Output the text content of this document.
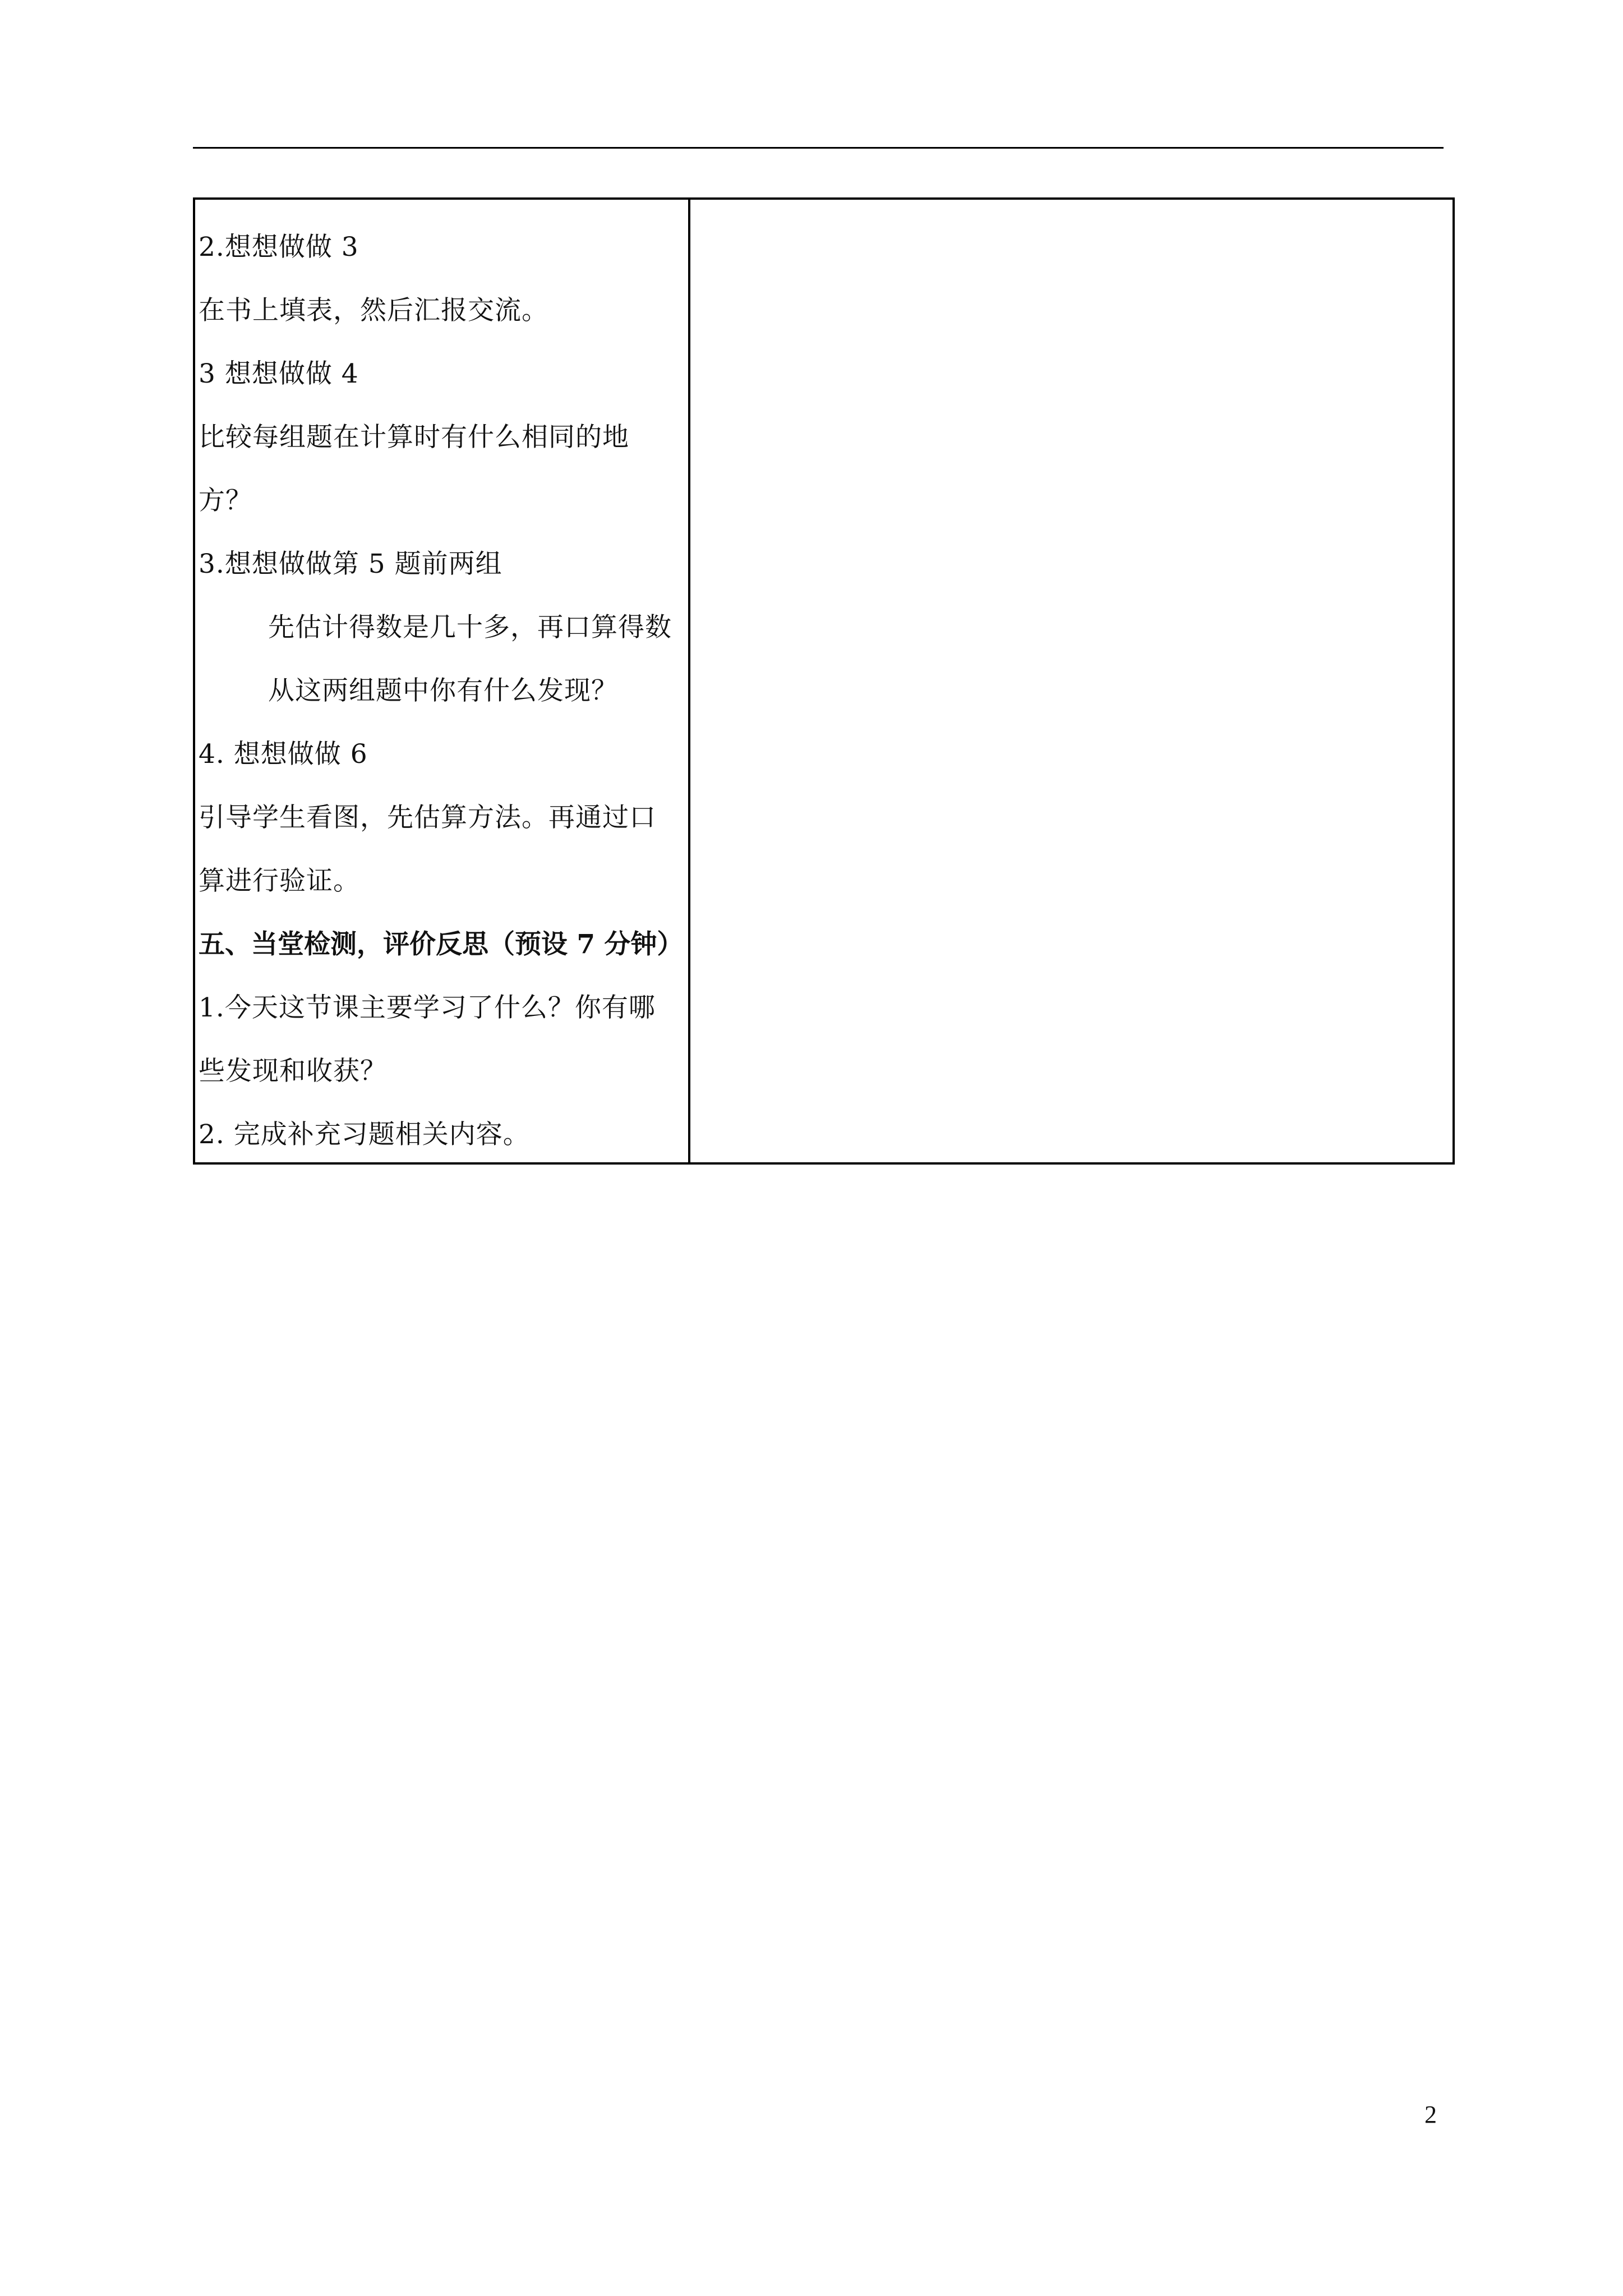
2.想想做做 3
在书上填表，然后汇报交流。
3 想想做做 4
比较每组题在计算时有什么相同的地
方？
3.想想做做第 5 题前两组
先估计得数是几十多，再口算得数
从这两组题中你有什么发现？
4. 想想做做 6
引导学生看图，先估算方法。再通过口
算进行验证。
五、当堂检测，评价反思（预设 7 分钟）
1.今天这节课主要学习了什么？你有哪
些发现和收获？
2. 完成补充习题相关内容。
2
